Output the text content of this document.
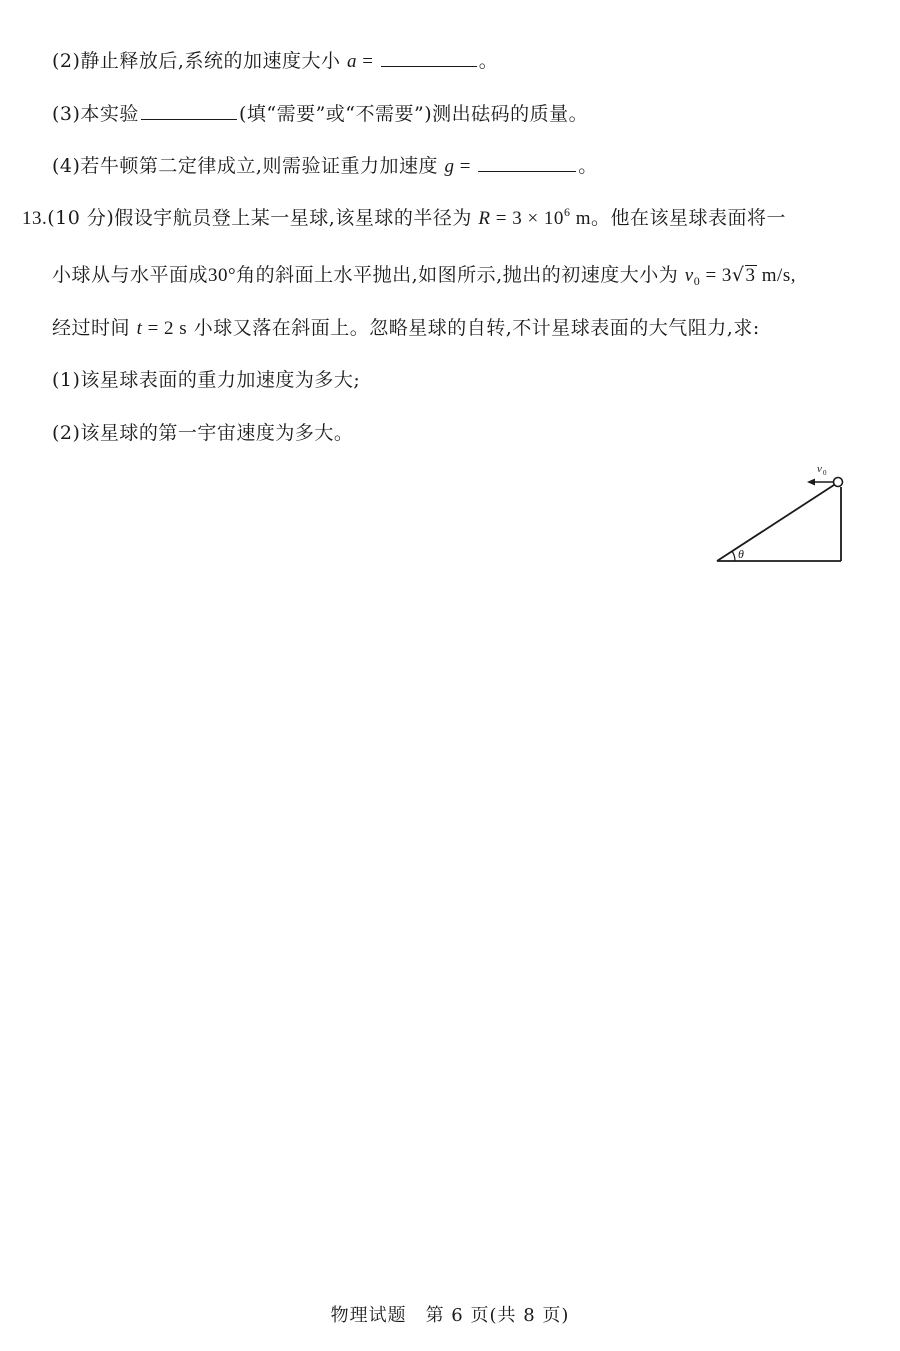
(2)静止释放后,系统的加速度大小 a =	。
(3)本实验	(填“需要”或“不需要”)测出砝码的质量。
(4)若牛顿第二定律成立,则需验证重力加速度 g =	。
13.(10 分)假设宇航员登上某一星球,该星球的半径为 $R = 3 \times 10^6$ m。他在该星球表面将一
小球从与水平面成30°角的斜面上水平抛出,如图所示,抛出的初速度大小为 $v_0 = 3√3$ m/s,
经过时间 t = 2 s 小球又落在斜面上。忽略星球的自转,不计星球表面的大气阻力,求:
(1)该星球表面的重力加速度为多大;
(2)该星球的第一宇宙速度为多大。
v 0
θ
物理试题　第 6 页(共 8 页)
